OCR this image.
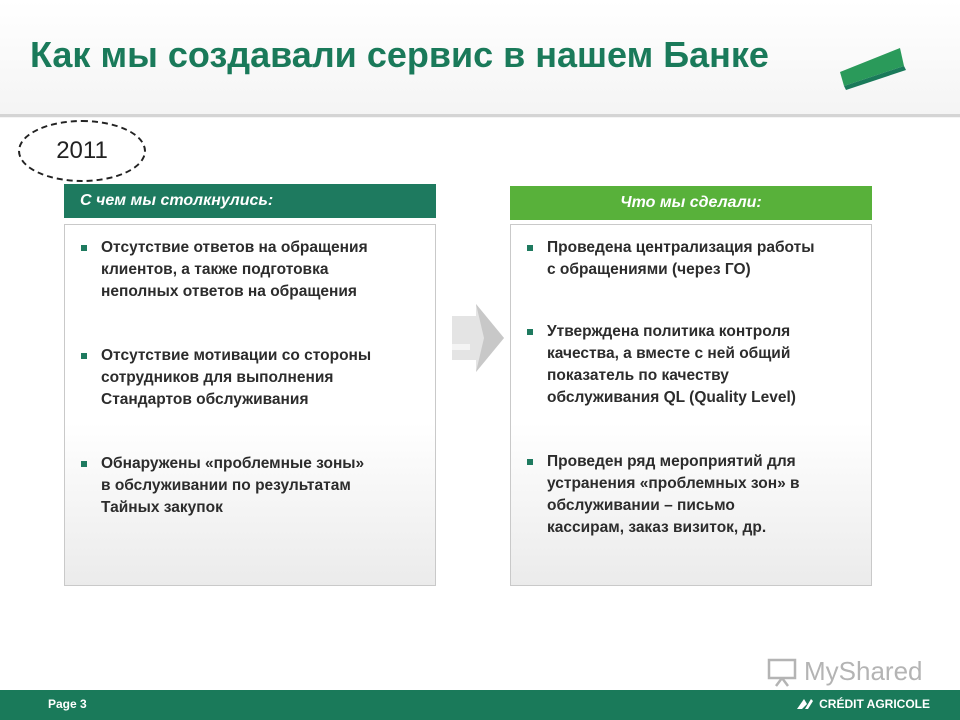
Как мы создавали сервис в нашем Банке
2011
С чем мы столкнулись:
Отсутствие ответов на обращения
клиентов, а также подготовка
неполных ответов на обращения
Отсутствие мотивации со стороны
сотрудников для выполнения
Стандартов обслуживания
Обнаружены «проблемные зоны»
в обслуживании по результатам
Тайных закупок
Что мы сделали:
Проведена централизация работы
с обращениями (через ГО)
Утверждена политика контроля
качества, а вместе с ней общий
показатель по качеству
обслуживания QL (Quality Level)
Проведен ряд мероприятий для
устранения «проблемных зон» в
обслуживании – письмо
кассирам, заказ визиток, др.
MyShared
Page 3	CRÉDIT AGRICOLE
